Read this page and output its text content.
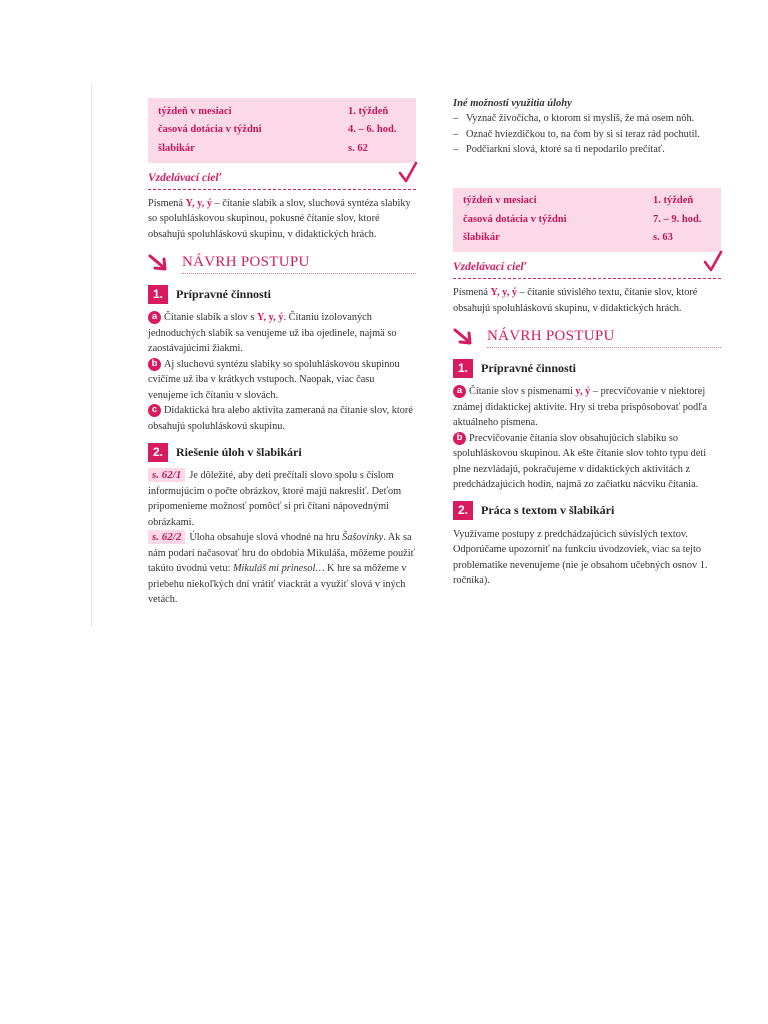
týždeň v mesiaci	1. týždeň
časová dotácia v týždni	4. – 6. hod.
šlabikár	s. 62
Vzdelávací cieľ

Písmená Y, y, ý – čítanie slabík a slov, sluchová syntéza slabiky so spoluhláskovou skupinou, pokusné čítanie slov, ktoré obsahujú spoluhláskovú skupinu, v didaktických hrách.

NÁVRH POSTUPU
1.	Prípravné činnosti

a Čítanie slabík a slov s Y, y, ý. Čítaniu izolovaných jednoduchých slabík sa venujeme už iba ojedinele, najmä so zaostávajúcimi žiakmi.

b Aj sluchovú syntézu slabiky so spoluhláskovou skupinou cvičíme už iba v krátkych vstupoch. Naopak, viac času venujeme ich čítaniu v slovách.

c Didaktická hra alebo aktivita zameraná na čítanie slov, ktoré obsahujú spoluhláskovú skupinu.

2.	Riešenie úloh v šlabikári

s. 62/1 Je dôležité, aby deti prečítali slovo spolu s číslom informujúcim o počte obrázkov, ktoré majú nakresliť. Deťom pripomenieme možnosť pomôcť si pri čítaní nápovednými obrázkami.

s. 62/2 Úloha obsahuje slová vhodné na hru Šašovinky. Ak sa nám podarí načasovať hru do obdobia Mikuláša, môžeme použiť takúto úvodnú vetu: Mikuláš mi prinesol… K hre sa môžeme v priebehu niekoľkých dní vrátiť viackrát a využiť slová v iných vetách.

Iné možnosti využitia úlohy
– Vyznač živočícha, o ktorom si myslíš, že má osem nôh.
– Označ hviezdičkou to, na čom by si si teraz rád pochutil.
– Podčiarkni slová, ktoré sa ti nepodarilo prečítať.
týždeň v mesiaci	1. týždeň
časová dotácia v týždni	7. – 9. hod.
šlabikár	s. 63
Vzdelávací cieľ

Písmená Y, y, ý – čítanie súvislého textu, čítanie slov, ktoré obsahujú spoluhláskovú skupinu, v didaktických hrách.

NÁVRH POSTUPU
1.	Prípravné činnosti

a Čítanie slov s písmenami y, ý – precvičovanie v niektorej známej didaktickej aktivite. Hry si treba prispôsobovať podľa aktuálneho písmena.

b Precvičovanie čítania slov obsahujúcich slabiku so spoluhláskovou skupinou. Ak ešte čítanie slov tohto typu deti plne nezvládajú, pokračujeme v didaktických aktivitách z predchádzajúcich hodín, najmä zo začiatku nácviku čítania.

2.	Práca s textom v šlabikári

Využívame postupy z predchádzajúcich súvislých textov. Odporúčame upozorniť na funkciu úvodzoviek, viac sa tejto problematike nevenujeme (nie je obsahom učebných osnov 1. ročníka).
